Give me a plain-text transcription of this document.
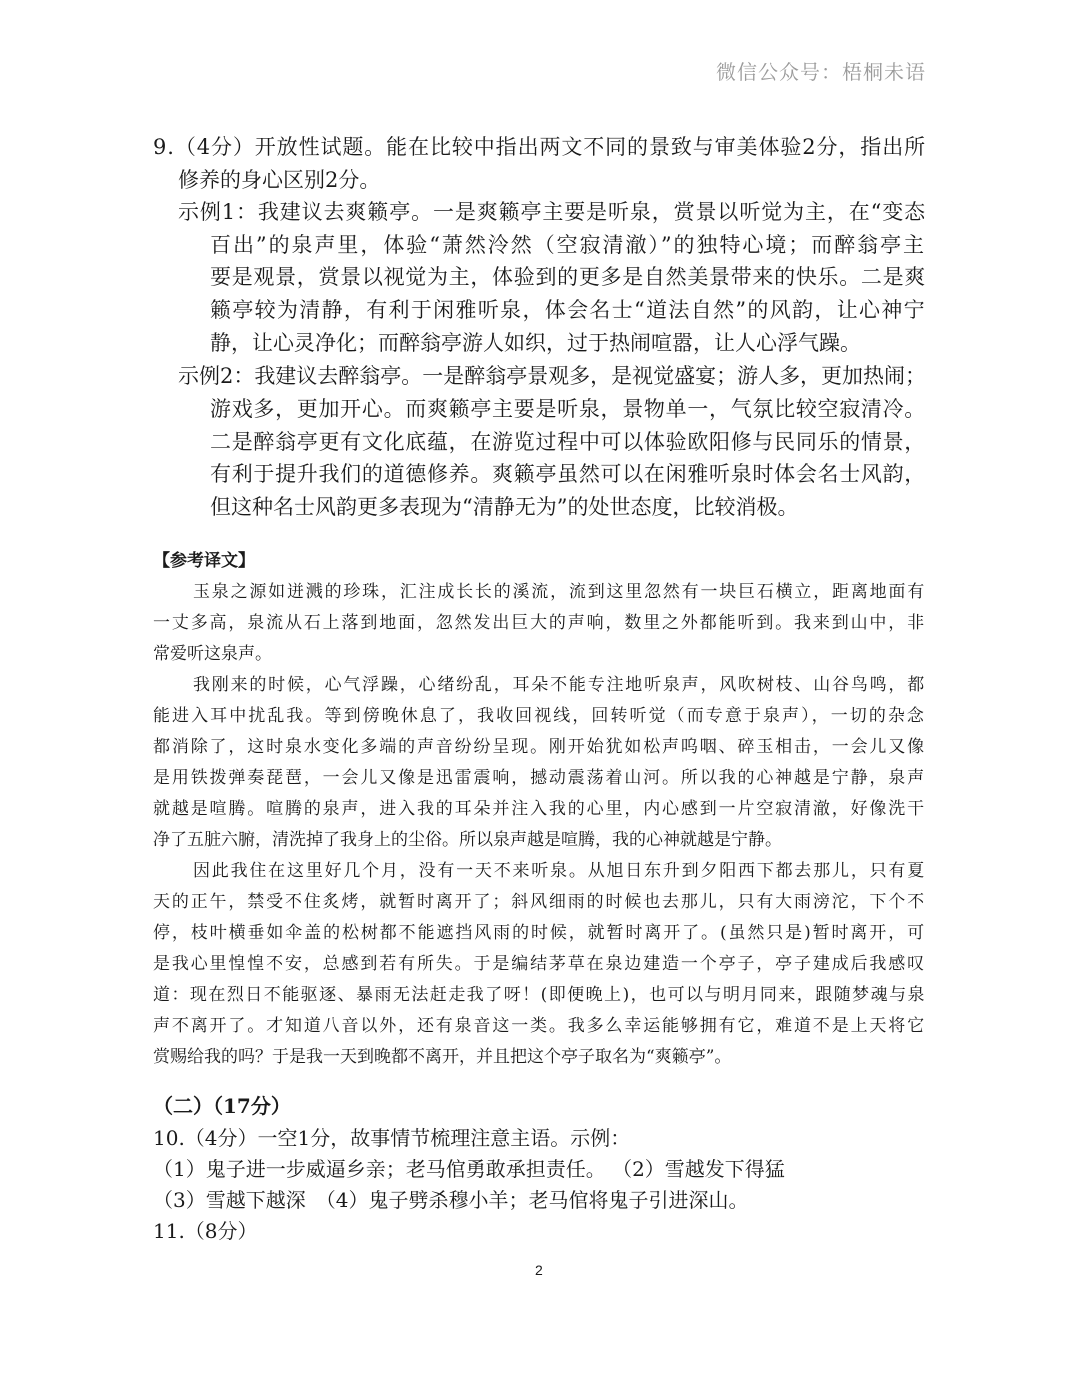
微信公众号：梧桐未语
9.（4分）开放性试题。能在比较中指出两文不同的景致与审美体验2分，指出所
修养的身心区别2分。
示例1：我建议去爽籁亭。一是爽籁亭主要是听泉，赏景以听觉为主，在“变态
百出”的泉声里，体验“萧然泠然（空寂清澈）”的独特心境；而醉翁亭主
要是观景，赏景以视觉为主，体验到的更多是自然美景带来的快乐。二是爽
籁亭较为清静，有利于闲雅听泉，体会名士“道法自然”的风韵，让心神宁
静，让心灵净化；而醉翁亭游人如织，过于热闹喧嚣，让人心浮气躁。
示例2：我建议去醉翁亭。一是醉翁亭景观多，是视觉盛宴；游人多，更加热闹；
游戏多，更加开心。而爽籁亭主要是听泉，景物单一，气氛比较空寂清冷。
二是醉翁亭更有文化底蕴，在游览过程中可以体验欧阳修与民同乐的情景，
有利于提升我们的道德修养。爽籁亭虽然可以在闲雅听泉时体会名士风韵，
但这种名士风韵更多表现为“清静无为”的处世态度，比较消极。
【参考译文】
玉泉之源如迸溅的珍珠，汇注成长长的溪流，流到这里忽然有一块巨石横立，距离地面有
一丈多高，泉流从石上落到地面，忽然发出巨大的声响，数里之外都能听到。我来到山中，非
常爱听这泉声。
我刚来的时候，心气浮躁，心绪纷乱，耳朵不能专注地听泉声，风吹树枝、山谷鸟鸣，都
能进入耳中扰乱我。等到傍晚休息了，我收回视线，回转听觉（而专意于泉声），一切的杂念
都消除了，这时泉水变化多端的声音纷纷呈现。刚开始犹如松声呜咽、碎玉相击，一会儿又像
是用铁拨弹奏琵琶，一会儿又像是迅雷震响，撼动震荡着山河。所以我的心神越是宁静，泉声
就越是喧腾。喧腾的泉声，进入我的耳朵并注入我的心里，内心感到一片空寂清澈，好像洗干
净了五脏六腑，清洗掉了我身上的尘俗。所以泉声越是喧腾，我的心神就越是宁静。
因此我住在这里好几个月，没有一天不来听泉。从旭日东升到夕阳西下都去那儿，只有夏
天的正午，禁受不住炙烤，就暂时离开了；斜风细雨的时候也去那儿，只有大雨滂沱，下个不
停，枝叶横垂如伞盖的松树都不能遮挡风雨的时候，就暂时离开了。(虽然只是)暂时离开，可
是我心里惶惶不安，总感到若有所失。于是编结茅草在泉边建造一个亭子，亭子建成后我感叹
道：现在烈日不能驱逐、暴雨无法赶走我了呀！(即便晚上)，也可以与明月同来，跟随梦魂与泉
声不离开了。才知道八音以外，还有泉音这一类。我多么幸运能够拥有它，难道不是上天将它
赏赐给我的吗？于是我一天到晚都不离开，并且把这个亭子取名为“爽籁亭”。
（二）（17分）
10.（4分）一空1分，故事情节梳理注意主语。示例：
（1）鬼子进一步威逼乡亲；老马倌勇敢承担责任。 （2）雪越发下得猛
（3）雪越下越深　（4）鬼子劈杀穆小羊；老马倌将鬼子引进深山。
11.（8分）
2
